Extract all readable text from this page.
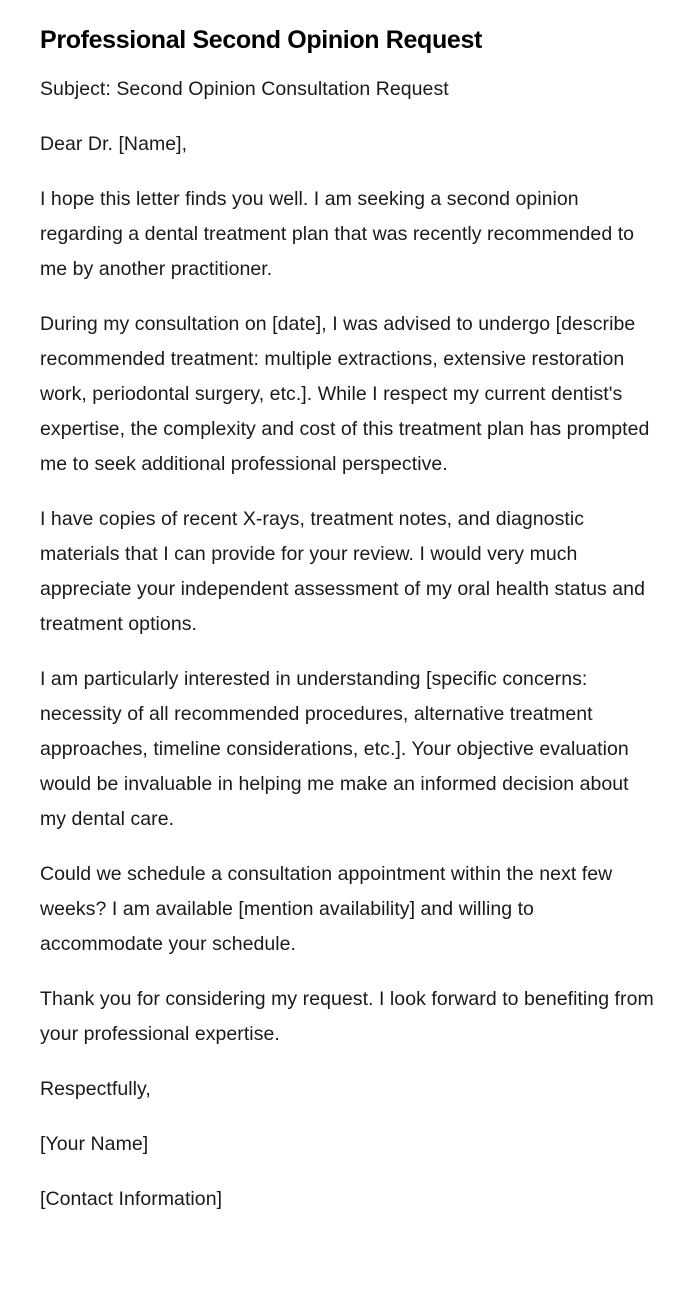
Professional Second Opinion Request

Subject: Second Opinion Consultation Request

Dear Dr. [Name],

I hope this letter finds you well. I am seeking a second opinion regarding a dental treatment plan that was recently recommended to me by another practitioner.

During my consultation on [date], I was advised to undergo [describe recommended treatment: multiple extractions, extensive restoration work, periodontal surgery, etc.]. While I respect my current dentist's expertise, the complexity and cost of this treatment plan has prompted me to seek additional professional perspective.

I have copies of recent X-rays, treatment notes, and diagnostic materials that I can provide for your review. I would very much appreciate your independent assessment of my oral health status and treatment options.

I am particularly interested in understanding [specific concerns: necessity of all recommended procedures, alternative treatment approaches, timeline considerations, etc.]. Your objective evaluation would be invaluable in helping me make an informed decision about my dental care.

Could we schedule a consultation appointment within the next few weeks? I am available [mention availability] and willing to accommodate your schedule.

Thank you for considering my request. I look forward to benefiting from your professional expertise.

Respectfully,

[Your Name]

[Contact Information]
